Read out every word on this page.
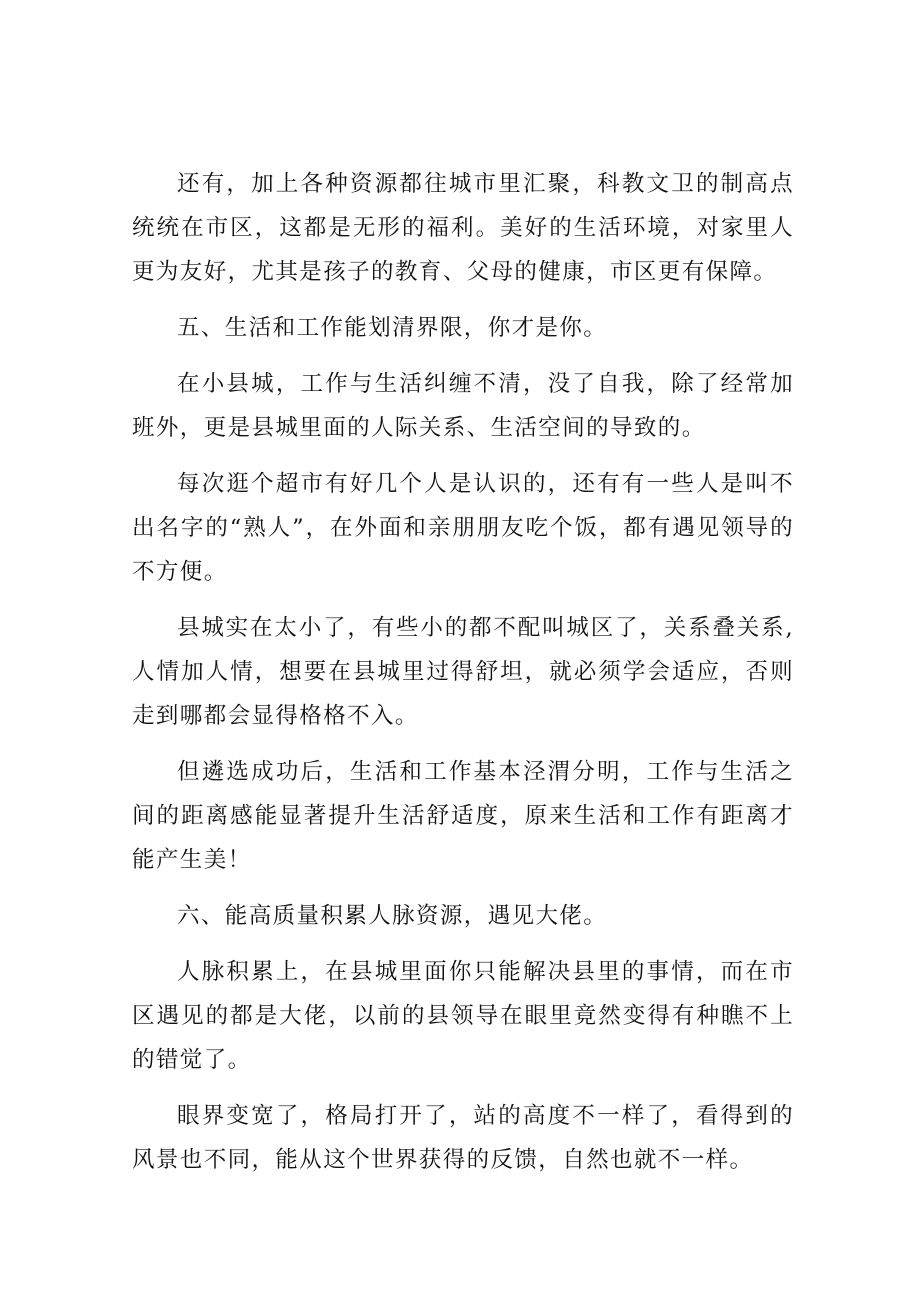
还有，加上各种资源都往城市里汇聚，科教文卫的制高点统统在市区，这都是无形的福利。美好的生活环境，对家里人更为友好，尤其是孩子的教育、父母的健康，市区更有保障。

五、生活和工作能划清界限，你才是你。

在小县城，工作与生活纠缠不清，没了自我，除了经常加班外，更是县城里面的人际关系、生活空间的导致的。

每次逛个超市有好几个人是认识的，还有有一些人是叫不出名字的“熟人”，在外面和亲朋朋友吃个饭，都有遇见领导的不方便。

县城实在太小了，有些小的都不配叫城区了，关系叠关系,人情加人情，想要在县城里过得舒坦，就必须学会适应，否则走到哪都会显得格格不入。

但遴选成功后，生活和工作基本泾渭分明，工作与生活之间的距离感能显著提升生活舒适度，原来生活和工作有距离才能产生美！

六、能高质量积累人脉资源，遇见大佬。

人脉积累上，在县城里面你只能解决县里的事情，而在市区遇见的都是大佬，以前的县领导在眼里竟然变得有种瞧不上的错觉了。

眼界变宽了，格局打开了，站的高度不一样了，看得到的风景也不同，能从这个世界获得的反馈，自然也就不一样。
